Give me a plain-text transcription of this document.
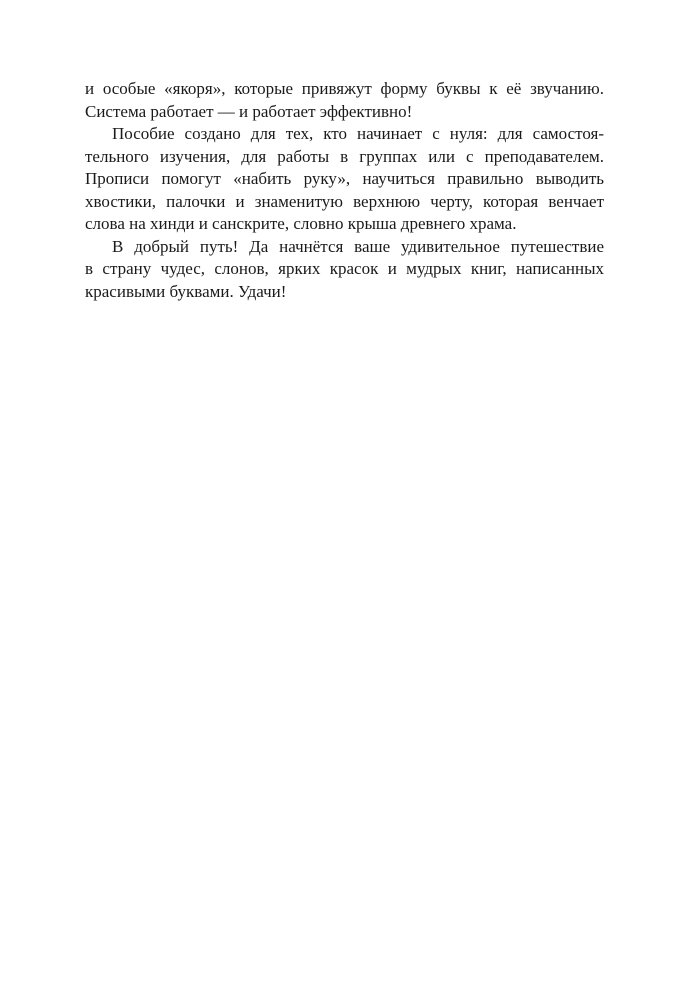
и особые «якоря», которые привяжут форму буквы к её звучанию.
Система работает — и работает эффективно!
Пособие создано для тех, кто начинает с нуля: для самостоя-
тельного изучения, для работы в группах или с преподавателем.
Прописи помогут «набить руку», научиться правильно выводить
хвостики, палочки и знаменитую верхнюю черту, которая венчает
слова на хинди и санскрите, словно крыша древнего храма.
В добрый путь! Да начнётся ваше удивительное путешествие
в страну чудес, слонов, ярких красок и мудрых книг, написанных
красивыми буквами. Удачи!
